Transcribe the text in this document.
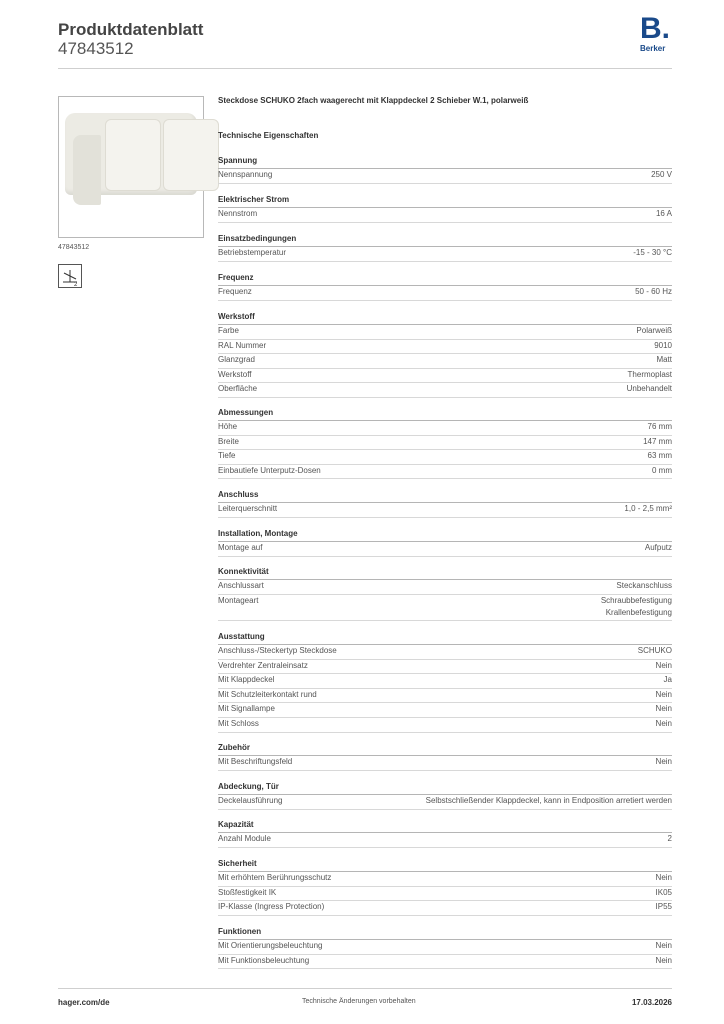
Produktdatenblatt
47843512
B.
Berker
47843512
2
Steckdose SCHUKO 2fach waagerecht mit Klappdeckel 2 Schieber W.1, polarweiß
Technische Eigenschaften
Spannung
Nennspannung	250 V
Elektrischer Strom
Nennstrom	16 A
Einsatzbedingungen
Betriebstemperatur	-15 - 30 °C
Frequenz
Frequenz	50 - 60 Hz
Werkstoff
Farbe	Polarweiß
RAL Nummer	9010
Glanzgrad	Matt
Werkstoff	Thermoplast
Oberfläche	Unbehandelt
Abmessungen
Höhe	76 mm
Breite	147 mm
Tiefe	63 mm
Einbautiefe Unterputz-Dosen	0 mm
Anschluss
Leiterquerschnitt	1,0 - 2,5 mm²
Installation, Montage
Montage auf	Aufputz
Konnektivität
Anschlussart	Steckanschluss
Montageart	Schraubbefestigung
Krallenbefestigung
Ausstattung
Anschluss-/Steckertyp Steckdose	SCHUKO
Verdrehter Zentraleinsatz	Nein
Mit Klappdeckel	Ja
Mit Schutzleiterkontakt rund	Nein
Mit Signallampe	Nein
Mit Schloss	Nein
Zubehör
Mit Beschriftungsfeld	Nein
Abdeckung, Tür
Deckelausführung	Selbstschließender Klappdeckel, kann in Endposition arretiert werden
Kapazität
Anzahl Module	2
Sicherheit
Mit erhöhtem Berührungsschutz	Nein
Stoßfestigkeit IK	IK05
IP-Klasse (Ingress Protection)	IP55
Funktionen
Mit Orientierungsbeleuchtung	Nein
Mit Funktionsbeleuchtung	Nein
hager.com/de	Technische Änderungen vorbehalten	17.03.2026
